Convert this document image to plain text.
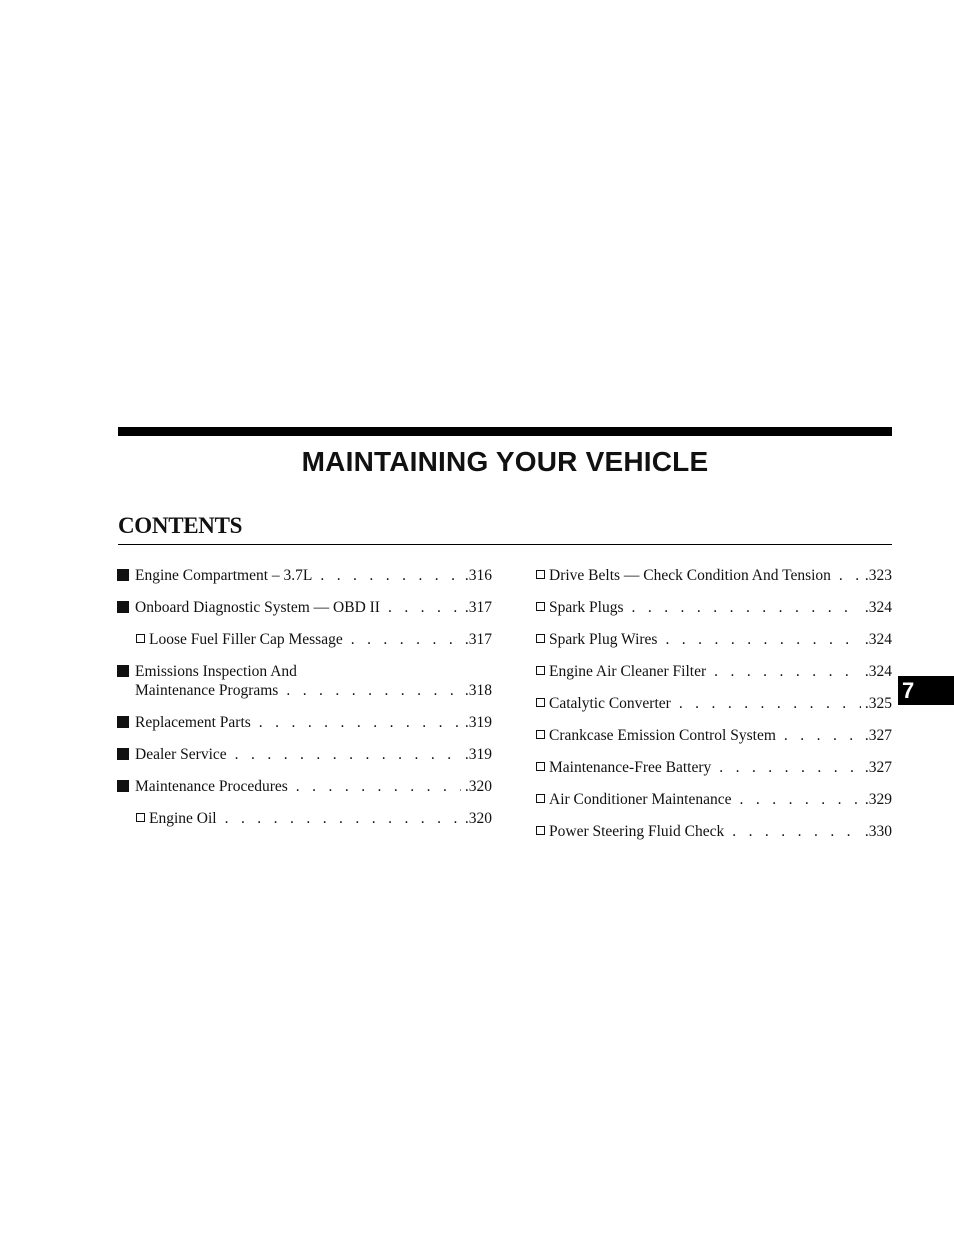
MAINTAINING YOUR VEHICLE
CONTENTS
Engine Compartment – 3.7L . . .	.316
Onboard Diagnostic System — OBD II . . .	.317
Loose Fuel Filler Cap Message . . .	.317
Emissions Inspection And
Maintenance Programs . . .	.318
Replacement Parts . . .	.319
Dealer Service . . .	.319
Maintenance Procedures . . .	.320
Engine Oil . . .	.320
Drive Belts — Check Condition And Tension . . . .323
Spark Plugs . . .	.324
Spark Plug Wires . . .	.324
Engine Air Cleaner Filter . . .	.324
Catalytic Converter . . .	.325
Crankcase Emission Control System . . .	.327
Maintenance-Free Battery . . .	.327
Air Conditioner Maintenance . . .	.329
Power Steering Fluid Check . . .	.330
7
